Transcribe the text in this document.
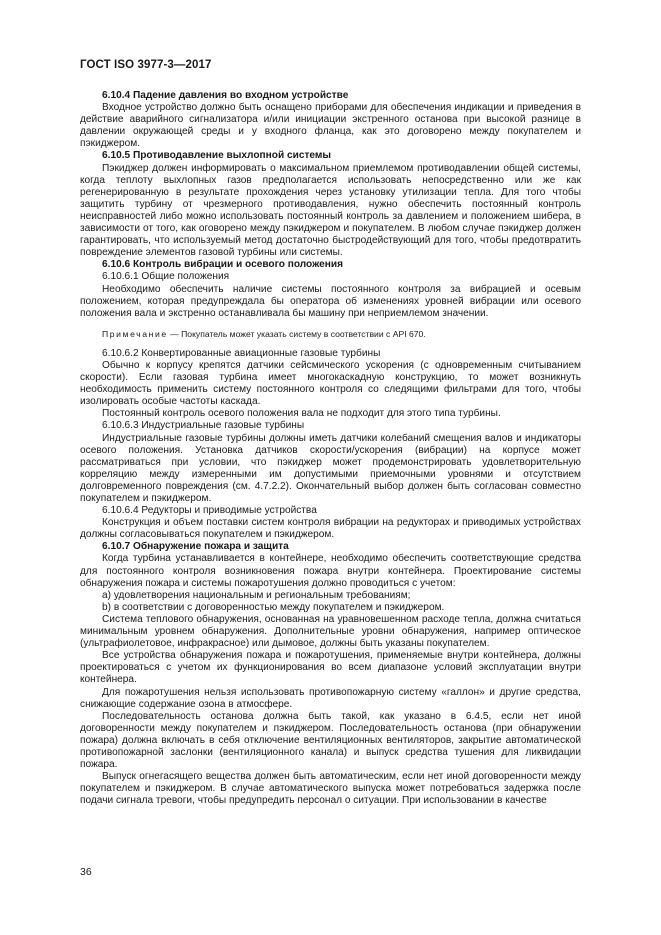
ГОСТ ISO 3977-3—2017

6.10.4 Падение давления во входном устройстве

Входное устройство должно быть оснащено приборами для обеспечения индикации и приведения в действие аварийного сигнализатора и/или инициации экстренного останова при высокой разнице в давлении окружающей среды и у входного фланца, как это договорено между покупателем и пэкиджером.

6.10.5 Противодавление выхлопной системы

Пэкиджер должен информировать о максимальном приемлемом противодавлении общей системы, когда теплоту выхлопных газов предполагается использовать непосредственно или же как регенерированную в результате прохождения через установку утилизации тепла. Для того чтобы защитить турбину от чрезмерного противодавления, нужно обеспечить постоянный контроль неисправностей либо можно использовать постоянный контроль за давлением и положением шибера, в зависимости от того, как оговорено между пэкиджером и покупателем. В любом случае пэкиджер должен гарантировать, что используемый метод достаточно быстродействующий для того, чтобы предотвратить повреждение элементов газовой турбины или системы.

6.10.6 Контроль вибрации и осевого положения

6.10.6.1 Общие положения

Необходимо обеспечить наличие системы постоянного контроля за вибрацией и осевым положением, которая предупреждала бы оператора об изменениях уровней вибрации или осевого положения вала и экстренно останавливала бы машину при неприемлемом значении.

Примечание — Покупатель может указать систему в соответствии с API 670.

6.10.6.2 Конвертированные авиационные газовые турбины

Обычно к корпусу крепятся датчики сейсмического ускорения (с одновременным считыванием скорости). Если газовая турбина имеет многокаскадную конструкцию, то может возникнуть необходимость применить систему постоянного контроля со следящими фильтрами для того, чтобы изолировать особые частоты каскада.

Постоянный контроль осевого положения вала не подходит для этого типа турбины.

6.10.6.3 Индустриальные газовые турбины

Индустриальные газовые турбины должны иметь датчики колебаний смещения валов и индикаторы осевого положения. Установка датчиков скорости/ускорения (вибрации) на корпусе может рассматриваться при условии, что пэкиджер может продемонстрировать удовлетворительную корреляцию между измеренными им допустимыми приемочными уровнями и отсутствием долговременного повреждения (см. 4.7.2.2). Окончательный выбор должен быть согласован совместно покупателем и пэкиджером.

6.10.6.4 Редукторы и приводимые устройства

Конструкция и объем поставки систем контроля вибрации на редукторах и приводимых устройствах должны согласовываться покупателем и пэкиджером.

6.10.7 Обнаружение пожара и защита

Когда турбина устанавливается в контейнере, необходимо обеспечить соответствующие средства для постоянного контроля возникновения пожара внутри контейнера. Проектирование системы обнаружения пожара и системы пожаротушения должно проводиться с учетом:

a) удовлетворения национальным и региональным требованиям;

b) в соответствии с договоренностью между покупателем и пэкиджером.

Система теплового обнаружения, основанная на уравновешенном расходе тепла, должна считаться минимальным уровнем обнаружения. Дополнительные уровни обнаружения, например оптическое (ультрафиолетовое, инфракрасное) или дымовое, должны быть указаны покупателем.

Все устройства обнаружения пожара и пожаротушения, применяемые внутри контейнера, должны проектироваться с учетом их функционирования во всем диапазоне условий эксплуатации внутри контейнера.

Для пожаротушения нельзя использовать противопожарную систему «галлон» и другие средства, снижающие содержание озона в атмосфере.

Последовательность останова должна быть такой, как указано в 6.4.5, если нет иной договоренности между покупателем и пэкиджером. Последовательность останова (при обнаружении пожара) должна включать в себя отключение вентиляционных вентиляторов, закрытие автоматической противопожарной заслонки (вентиляционного канала) и выпуск средства тушения для ликвидации пожара.

Выпуск огнегасящего вещества должен быть автоматическим, если нет иной договоренности между покупателем и пэкиджером. В случае автоматического выпуска может потребоваться задержка после подачи сигнала тревоги, чтобы предупредить персонал о ситуации. При использовании в качестве

36
